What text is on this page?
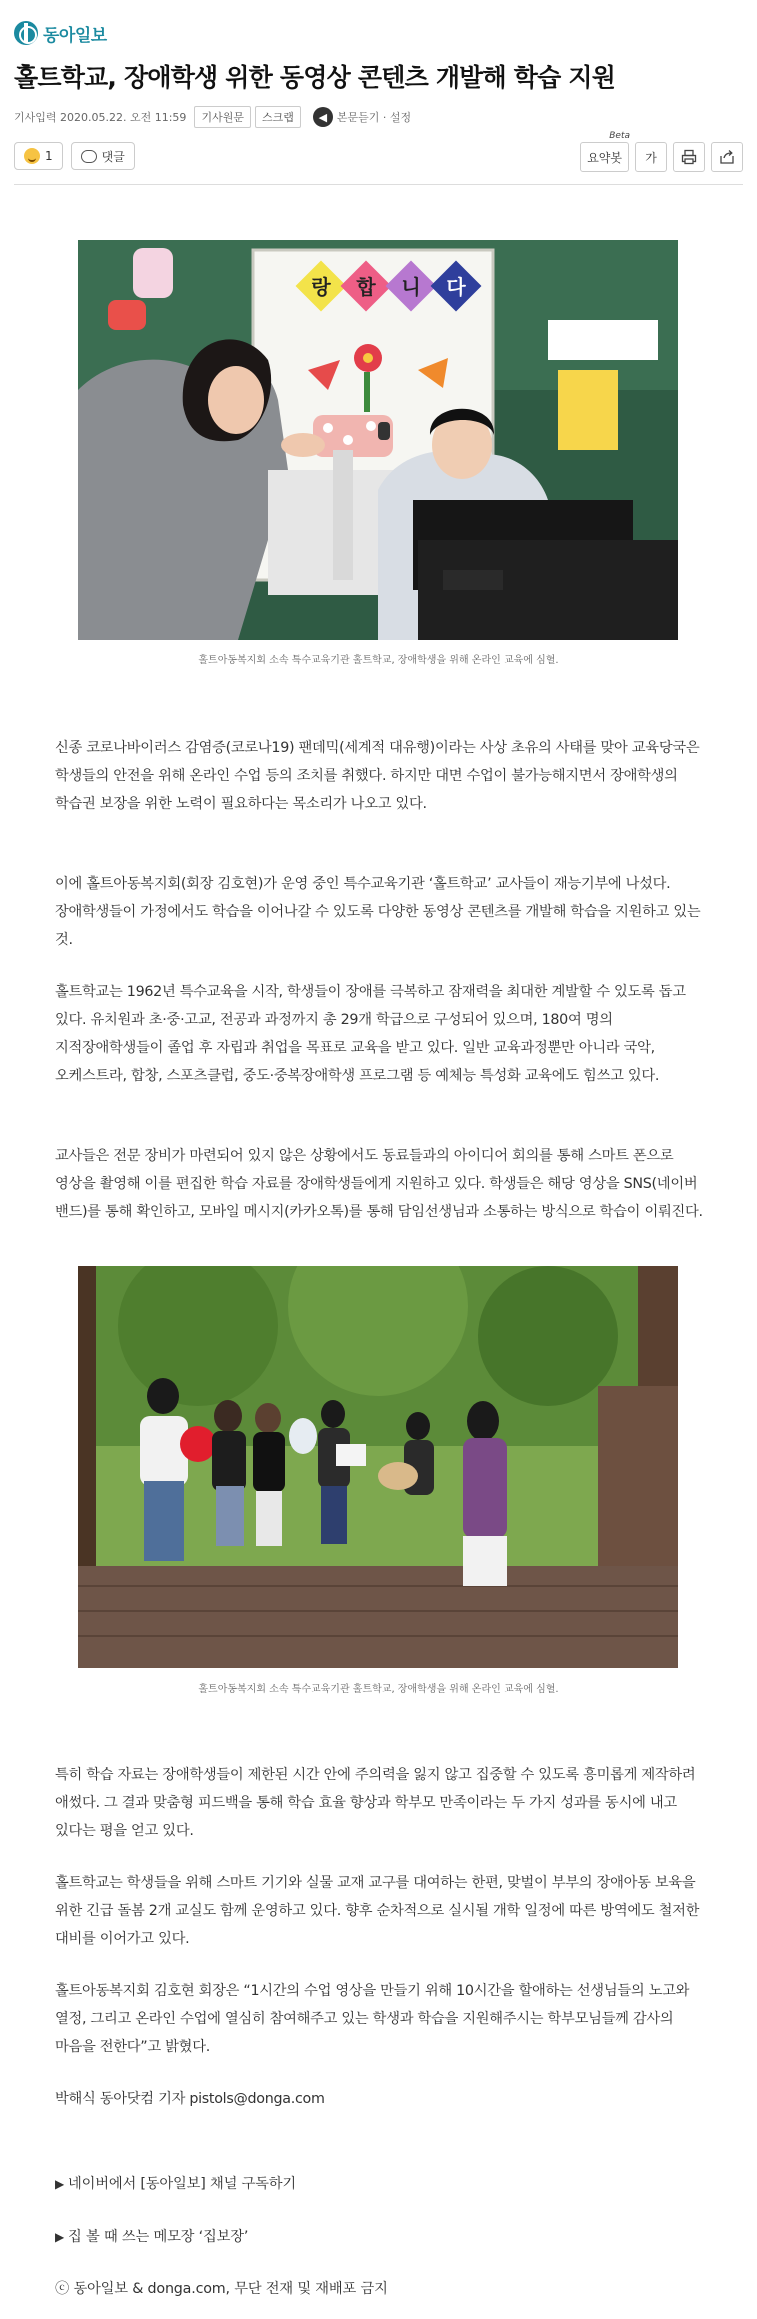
동아일보
홀트학교, 장애학생 위한 동영상 콘텐츠 개발해 학습 지원
기사입력 2020.05.22. 오전 11:59	기사원문	스크랩	◀ 본문듣기 · 설정
1	댓글	요약봇
Beta
가
랑 합 니 다
홀트아동복지회 소속 특수교육기관 홀트학교, 장애학생을 위해 온라인 교육에 심혈.

신종 코로나바이러스 감염증(코로나19) 팬데믹(세계적 대유행)이라는 사상 초유의 사태를 맞아 교육당국은 학생들의 안전을 위해 온라인 수업 등의 조치를 취했다. 하지만 대면 수업이 불가능해지면서 장애학생의 학습권 보장을 위한 노력이 필요하다는 목소리가 나오고 있다.

이에 홀트아동복지회(회장 김호현)가 운영 중인 특수교육기관 ‘홀트학교’ 교사들이 재능기부에 나섰다. 장애학생들이 가정에서도 학습을 이어나갈 수 있도록 다양한 동영상 콘텐츠를 개발해 학습을 지원하고 있는 것.

홀트학교는 1962년 특수교육을 시작, 학생들이 장애를 극복하고 잠재력을 최대한 계발할 수 있도록 돕고 있다. 유치원과 초·중·고교, 전공과 과정까지 총 29개 학급으로 구성되어 있으며, 180여 명의 지적장애학생들이 졸업 후 자립과 취업을 목표로 교육을 받고 있다. 일반 교육과정뿐만 아니라 국악, 오케스트라, 합창, 스포츠클럽, 중도·중복장애학생 프로그램 등 예체능 특성화 교육에도 힘쓰고 있다.

교사들은 전문 장비가 마련되어 있지 않은 상황에서도 동료들과의 아이디어 회의를 통해 스마트 폰으로 영상을 촬영해 이를 편집한 학습 자료를 장애학생들에게 지원하고 있다. 학생들은 해당 영상을 SNS(네이버 밴드)를 통해 확인하고, 모바일 메시지(카카오톡)를 통해 담임선생님과 소통하는 방식으로 학습이 이뤄진다.

홀트아동복지회 소속 특수교육기관 홀트학교, 장애학생을 위해 온라인 교육에 심혈.

특히 학습 자료는 장애학생들이 제한된 시간 안에 주의력을 잃지 않고 집중할 수 있도록 흥미롭게 제작하려 애썼다. 그 결과 맞춤형 피드백을 통해 학습 효율 향상과 학부모 만족이라는 두 가지 성과를 동시에 내고 있다는 평을 얻고 있다.

홀트학교는 학생들을 위해 스마트 기기와 실물 교재 교구를 대여하는 한편, 맞벌이 부부의 장애아동 보육을 위한 긴급 돌봄 2개 교실도 함께 운영하고 있다. 향후 순차적으로 실시될 개학 일정에 따른 방역에도 철저한 대비를 이어가고 있다.

홀트아동복지회 김호현 회장은 “1시간의 수업 영상을 만들기 위해 10시간을 할애하는 선생님들의 노고와 열정, 그리고 온라인 수업에 열심히 참여해주고 있는 학생과 학습을 지원해주시는 학부모님들께 감사의 마음을 전한다”고 밝혔다.

박해식 동아닷컴 기자 pistols@donga.com

▶ 네이버에서 [동아일보] 채널 구독하기
▶ 집 볼 때 쓰는 메모장 ‘집보장’
ⓒ 동아일보 & donga.com, 무단 전재 및 재배포 금지
